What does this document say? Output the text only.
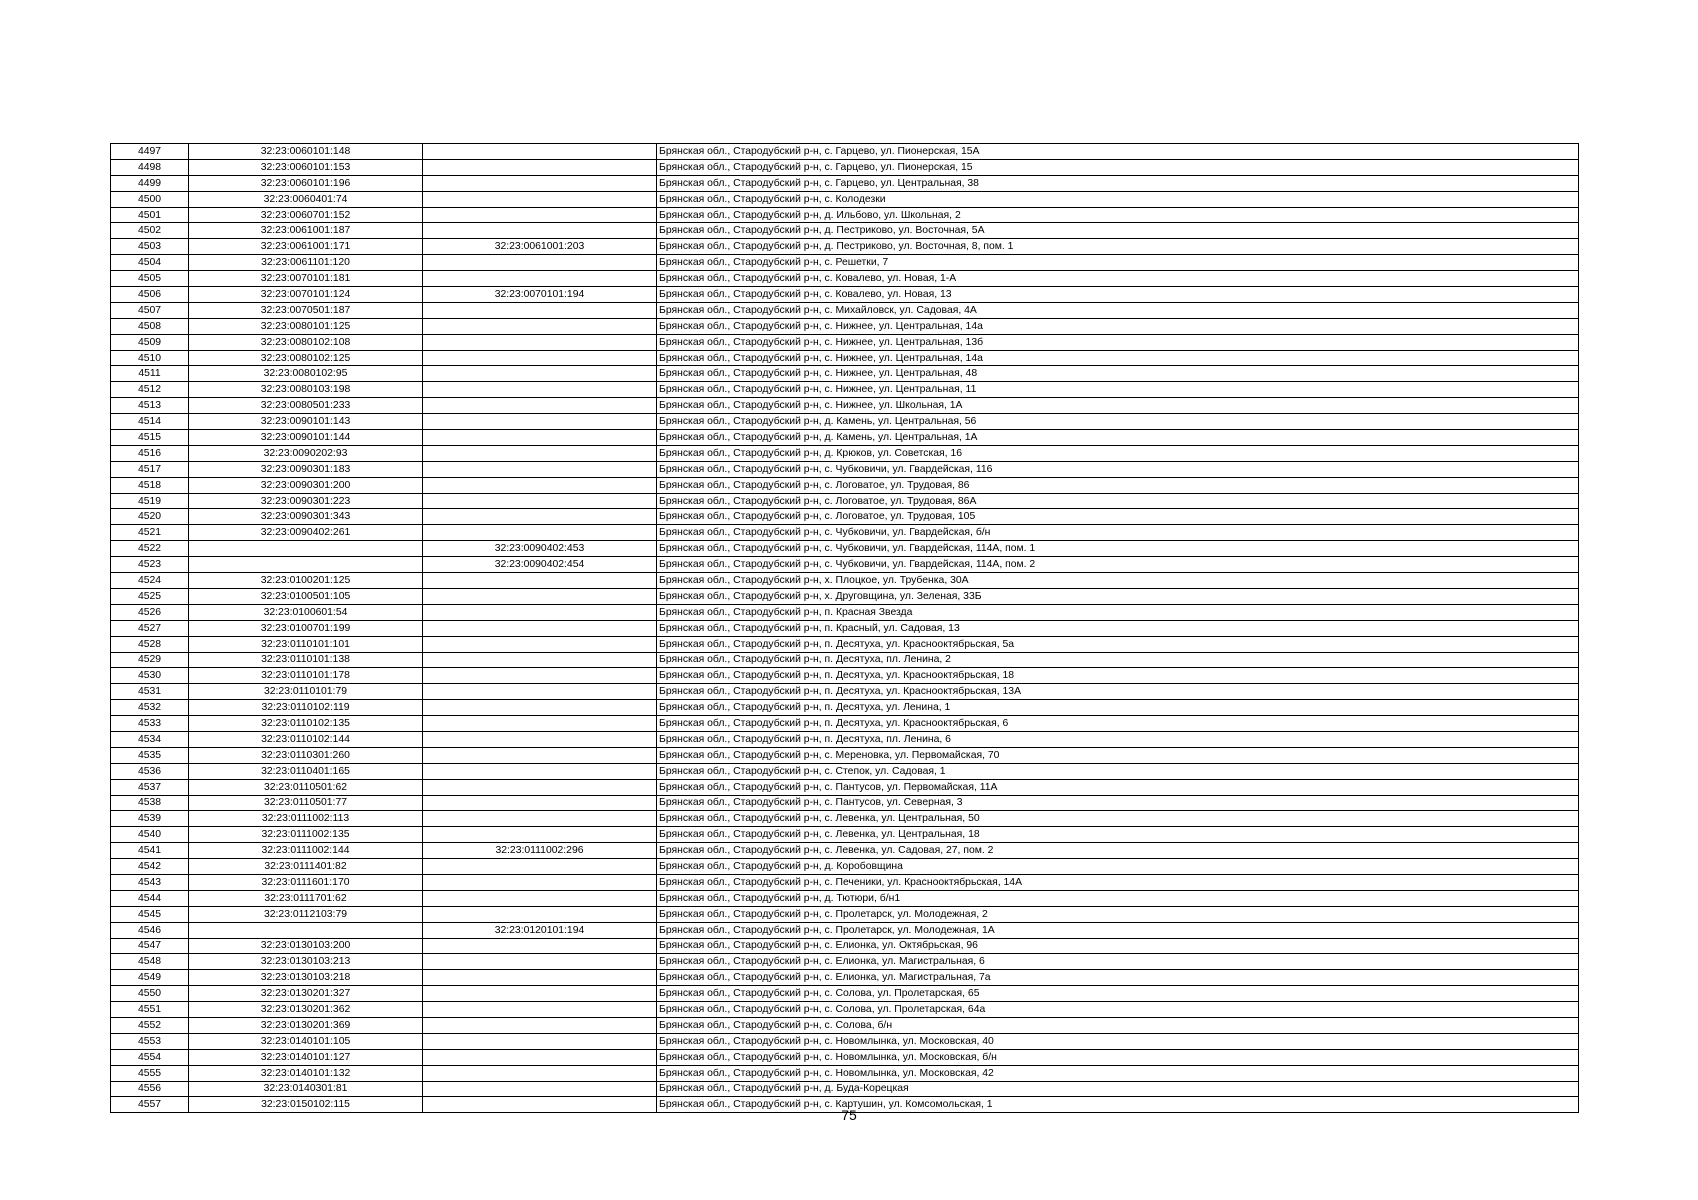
4497	32:23:0060101:148		Брянская обл., Стародубский р-н, с. Гарцево, ул. Пионерская, 15А
4498	32:23:0060101:153		Брянская обл., Стародубский р-н, с. Гарцево, ул. Пионерская, 15
4499	32:23:0060101:196		Брянская обл., Стародубский р-н, с. Гарцево, ул. Центральная, 38
4500	32:23:0060401:74		Брянская обл., Стародубский р-н, с. Колодезки
4501	32:23:0060701:152		Брянская обл., Стародубский р-н, д. Ильбово, ул. Школьная, 2
4502	32:23:0061001:187		Брянская обл., Стародубский р-н, д. Пестриково, ул. Восточная, 5А
4503	32:23:0061001:171	32:23:0061001:203	Брянская обл., Стародубский р-н, д. Пестриково, ул. Восточная, 8, пом. 1
4504	32:23:0061101:120		Брянская обл., Стародубский р-н, с. Решетки, 7
4505	32:23:0070101:181		Брянская обл., Стародубский р-н, с. Ковалево, ул. Новая, 1-А
4506	32:23:0070101:124	32:23:0070101:194	Брянская обл., Стародубский р-н, с. Ковалево, ул. Новая, 13
4507	32:23:0070501:187		Брянская обл., Стародубский р-н, с. Михайловск, ул. Садовая, 4А
4508	32:23:0080101:125		Брянская обл., Стародубский р-н, с. Нижнее, ул. Центральная, 14а
4509	32:23:0080102:108		Брянская обл., Стародубский р-н, с. Нижнее, ул. Центральная, 13б
4510	32:23:0080102:125		Брянская обл., Стародубский р-н, с. Нижнее, ул. Центральная, 14а
4511	32:23:0080102:95		Брянская обл., Стародубский р-н, с. Нижнее, ул. Центральная, 48
4512	32:23:0080103:198		Брянская обл., Стародубский р-н, с. Нижнее, ул. Центральная, 11
4513	32:23:0080501:233		Брянская обл., Стародубский р-н, с. Нижнее, ул. Школьная, 1А
4514	32:23:0090101:143		Брянская обл., Стародубский р-н, д. Камень, ул. Центральная, 56
4515	32:23:0090101:144		Брянская обл., Стародубский р-н, д. Камень, ул. Центральная, 1А
4516	32:23:0090202:93		Брянская обл., Стародубский р-н, д. Крюков, ул. Советская, 16
4517	32:23:0090301:183		Брянская обл., Стародубский р-н, с. Чубковичи, ул. Гвардейская, 116
4518	32:23:0090301:200		Брянская обл., Стародубский р-н, с. Логоватое, ул. Трудовая, 86
4519	32:23:0090301:223		Брянская обл., Стародубский р-н, с. Логоватое, ул. Трудовая, 86А
4520	32:23:0090301:343		Брянская обл., Стародубский р-н, с. Логоватое, ул. Трудовая, 105
4521	32:23:0090402:261		Брянская обл., Стародубский р-н, с. Чубковичи, ул. Гвардейская, б/н
4522		32:23:0090402:453	Брянская обл., Стародубский р-н, с. Чубковичи, ул. Гвардейская, 114А, пом. 1
4523		32:23:0090402:454	Брянская обл., Стародубский р-н, с. Чубковичи, ул. Гвардейская, 114А, пом. 2
4524	32:23:0100201:125		Брянская обл., Стародубский р-н, х. Плоцкое, ул. Трубенка, 30А
4525	32:23:0100501:105		Брянская обл., Стародубский р-н, х. Друговщина, ул. Зеленая, 33Б
4526	32:23:0100601:54		Брянская обл., Стародубский р-н, п. Красная Звезда
4527	32:23:0100701:199		Брянская обл., Стародубский р-н, п. Красный, ул. Садовая, 13
4528	32:23:0110101:101		Брянская обл., Стародубский р-н, п. Десятуха, ул. Краснооктябрьская, 5а
4529	32:23:0110101:138		Брянская обл., Стародубский р-н, п. Десятуха, пл. Ленина, 2
4530	32:23:0110101:178		Брянская обл., Стародубский р-н, п. Десятуха, ул. Краснооктябрьская, 18
4531	32:23:0110101:79		Брянская обл., Стародубский р-н, п. Десятуха, ул. Краснооктябрьская, 13А
4532	32:23:0110102:119		Брянская обл., Стародубский р-н, п. Десятуха, ул. Ленина, 1
4533	32:23:0110102:135		Брянская обл., Стародубский р-н, п. Десятуха, ул. Краснооктябрьская, 6
4534	32:23:0110102:144		Брянская обл., Стародубский р-н, п. Десятуха, пл. Ленина, 6
4535	32:23:0110301:260		Брянская обл., Стародубский р-н, с. Меренoвка, ул. Первомайская, 70
4536	32:23:0110401:165		Брянская обл., Стародубский р-н, с. Степок, ул. Садовая, 1
4537	32:23:0110501:62		Брянская обл., Стародубский р-н, с. Пантусов, ул. Первомайская, 11А
4538	32:23:0110501:77		Брянская обл., Стародубский р-н, с. Пантусов, ул. Северная, 3
4539	32:23:0111002:113		Брянская обл., Стародубский р-н, с. Левенка, ул. Центральная, 50
4540	32:23:0111002:135		Брянская обл., Стародубский р-н, с. Левенка, ул. Центральная, 18
4541	32:23:0111002:144	32:23:0111002:296	Брянская обл., Стародубский р-н, с. Левенка, ул. Садовая, 27, пом. 2
4542	32:23:0111401:82		Брянская обл., Стародубский р-н, д. Коробовщина
4543	32:23:0111601:170		Брянская обл., Стародубский р-н, с. Печеники, ул. Краснооктябрьская, 14А
4544	32:23:0111701:62		Брянская обл., Стародубский р-н, д. Тютюри, б/н1
4545	32:23:0112103:79		Брянская обл., Стародубский р-н, с. Пролетарск, ул. Молодежная, 2
4546		32:23:0120101:194	Брянская обл., Стародубский р-н, с. Пролетарск, ул. Молодежная, 1А
4547	32:23:0130103:200		Брянская обл., Стародубский р-н, с. Елионка, ул. Октябрьская, 96
4548	32:23:0130103:213		Брянская обл., Стародубский р-н, с. Елионка, ул. Магистральная, 6
4549	32:23:0130103:218		Брянская обл., Стародубский р-н, с. Елионка, ул. Магистральная, 7а
4550	32:23:0130201:327		Брянская обл., Стародубский р-н, с. Солова, ул. Пролетарская, 65
4551	32:23:0130201:362		Брянская обл., Стародубский р-н, с. Солова, ул. Пролетарская, 64а
4552	32:23:0130201:369		Брянская обл., Стародубский р-н, с. Солова, б/н
4553	32:23:0140101:105		Брянская обл., Стародубский р-н, с. Новомлынка, ул. Московская, 40
4554	32:23:0140101:127		Брянская обл., Стародубский р-н, с. Новомлынка, ул. Московская, б/н
4555	32:23:0140101:132		Брянская обл., Стародубский р-н, с. Новомлынка, ул. Московская, 42
4556	32:23:0140301:81		Брянская обл., Стародубский р-н, д. Буда-Корецкая
4557	32:23:0150102:115		Брянская обл., Стародубский р-н, с. Картушин, ул. Комсомольская, 1
75
